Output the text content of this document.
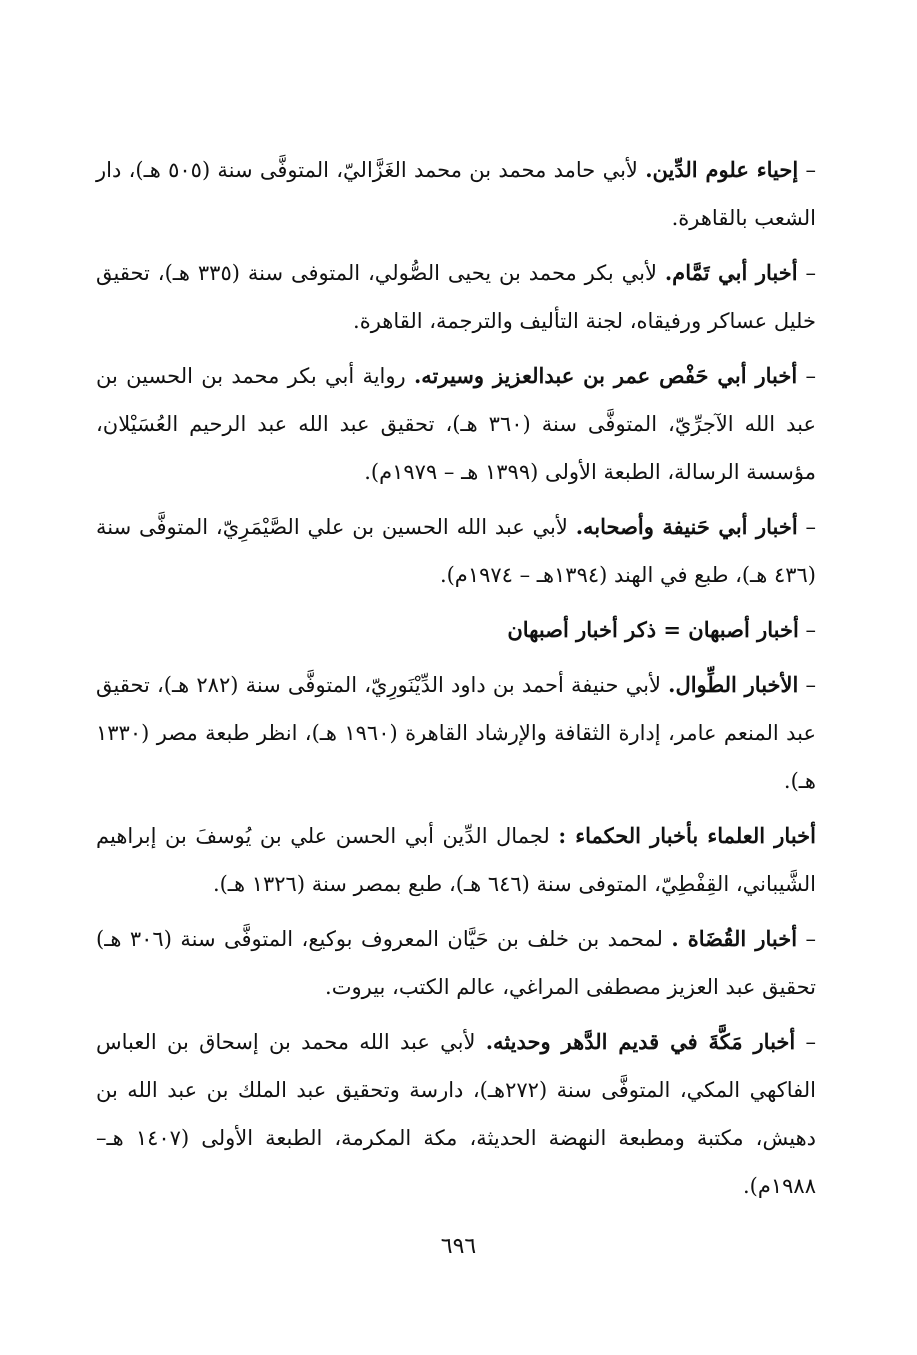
– إحياء علوم الدِّين. لأبي حامد محمد بن محمد الغَزَّاليّ، المتوفَّى سنة (٥٠٥ هـ)، دار الشعب بالقاهرة.

– أخبار أبي تَمَّام. لأبي بكر محمد بن يحيى الصُّولي، المتوفى سنة (٣٣٥ هـ)، تحقيق خليل عساكر ورفيقاه، لجنة التأليف والترجمة، القاهرة.

– أخبار أبي حَفْص عمر بن عبدالعزيز وسيرته. رواية أبي بكر محمد بن الحسين بن عبد الله الآجرِّيّ، المتوفَّى سنة (٣٦٠ هـ)، تحقيق عبد الله عبد الرحيم العُسَيْلان، مؤسسة الرسالة، الطبعة الأولى (١٣٩٩ هـ – ١٩٧٩م).

– أخبار أبي حَنيفة وأصحابه. لأبي عبد الله الحسين بن علي الصَّيْمَرِيّ، المتوفَّى سنة (٤٣٦ هـ)، طبع في الهند (١٣٩٤هـ – ١٩٧٤م).

– أخبار أصبهان = ذكر أخبار أصبهان

– الأخبار الطِّوال. لأبي حنيفة أحمد بن داود الدِّيْنَورِيّ، المتوفَّى سنة (٢٨٢ هـ)، تحقيق عبد المنعم عامر، إدارة الثقافة والإرشاد القاهرة (١٩٦٠ هـ)، انظر طبعة مصر (١٣٣٠ هـ).

أخبار العلماء بأخبار الحكماء : لجمال الدِّين أبي الحسن علي بن يُوسفَ بن إبراهيم الشَّيباني، القِفْطِيّ، المتوفى سنة (٦٤٦ هـ)، طبع بمصر سنة (١٣٢٦ هـ).

– أخبار القُضَاة . لمحمد بن خلف بن حَيَّان المعروف بوكيع، المتوفَّى سنة (٣٠٦ هـ) تحقيق عبد العزيز مصطفى المراغي، عالم الكتب، بيروت.

– أخبار مَكَّةَ في قديم الدَّهر وحديثه. لأبي عبد الله محمد بن إسحاق بن العباس الفاكهي المكي، المتوفَّى سنة (٢٧٢هـ)، دارسة وتحقيق عبد الملك بن عبد الله بن دهيش، مكتبة ومطبعة النهضة الحديثة، مكة المكرمة، الطبعة الأولى (١٤٠٧ هـ– ١٩٨٨م).

٦٩٦
